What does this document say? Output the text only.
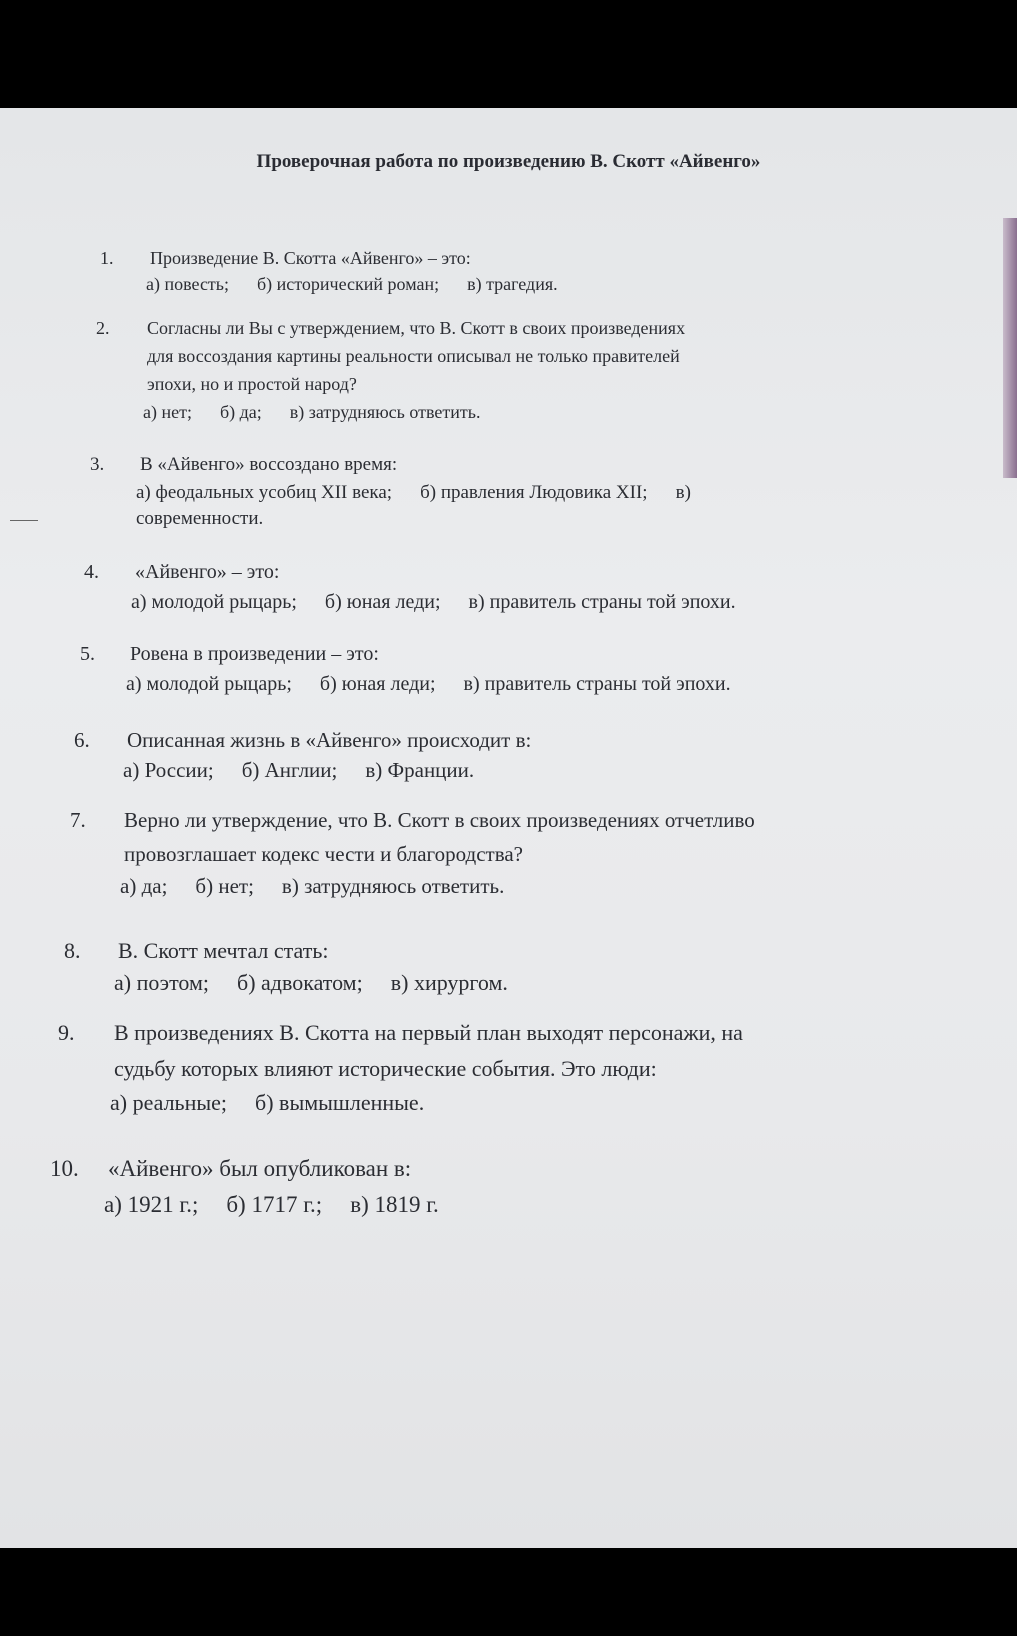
Проверочная работа по произведению В. Скотт «Айвенго»
1. Произведение В. Скотта «Айвенго» – это:
а) повесть; б) исторический роман; в) трагедия.
2. Согласны ли Вы с утверждением, что В. Скотт в своих произведениях
для воссоздания картины реальности описывал не только правителей
эпохи, но и простой народ?
а) нет; б) да; в) затрудняюсь ответить.
3. В «Айвенго» воссоздано время:
а) феодальных усобиц XII века; б) правления Людовика XII; в)
современности.
4. «Айвенго» – это:
а) молодой рыцарь; б) юная леди; в) правитель страны той эпохи.
5. Ровена в произведении – это:
а) молодой рыцарь; б) юная леди; в) правитель страны той эпохи.
6. Описанная жизнь в «Айвенго» происходит в:
а) России; б) Англии; в) Франции.
7. Верно ли утверждение, что В. Скотт в своих произведениях отчетливо
провозглашает кодекс чести и благородства?
а) да; б) нет; в) затрудняюсь ответить.
8. В. Скотт мечтал стать:
а) поэтом; б) адвокатом; в) хирургом.
9. В произведениях В. Скотта на первый план выходят персонажи, на
судьбу которых влияют исторические события. Это люди:
а) реальные; б) вымышленные.
10. «Айвенго» был опубликован в:
а) 1921 г.; б) 1717 г.; в) 1819 г.
